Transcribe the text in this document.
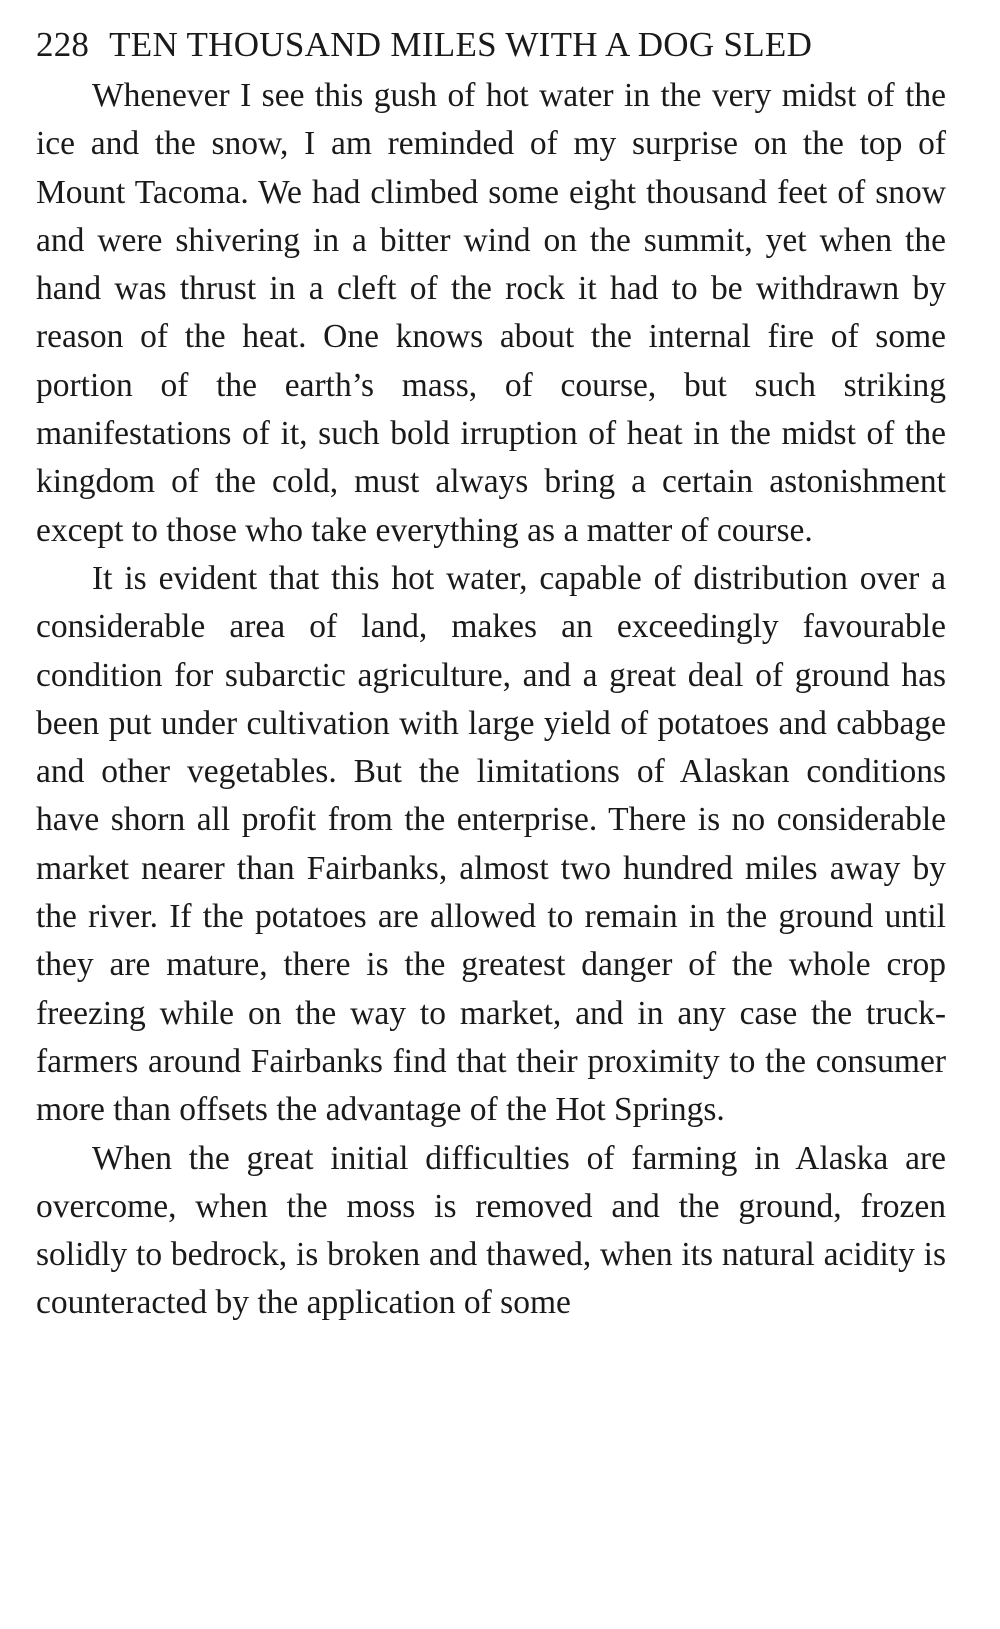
228 TEN THOUSAND MILES WITH A DOG SLED

Whenever I see this gush of hot water in the very midst of the ice and the snow, I am reminded of my surprise on the top of Mount Tacoma. We had climbed some eight thousand feet of snow and were shivering in a bitter wind on the summit, yet when the hand was thrust in a cleft of the rock it had to be withdrawn by reason of the heat. One knows about the internal fire of some portion of the earth’s mass, of course, but such striking manifestations of it, such bold irruption of heat in the midst of the kingdom of the cold, must always bring a certain astonishment except to those who take everything as a matter of course.

It is evident that this hot water, capable of distribution over a considerable area of land, makes an exceedingly favourable condition for subarctic agriculture, and a great deal of ground has been put under cultivation with large yield of potatoes and cabbage and other vegetables. But the limitations of Alaskan conditions have shorn all profit from the enterprise. There is no considerable market nearer than Fairbanks, almost two hundred miles away by the river. If the potatoes are allowed to remain in the ground until they are mature, there is the greatest danger of the whole crop freezing while on the way to market, and in any case the truck-farmers around Fairbanks find that their proximity to the consumer more than offsets the advantage of the Hot Springs.

When the great initial difficulties of farming in Alaska are overcome, when the moss is removed and the ground, frozen solidly to bedrock, is broken and thawed, when its natural acidity is counteracted by the application of some
